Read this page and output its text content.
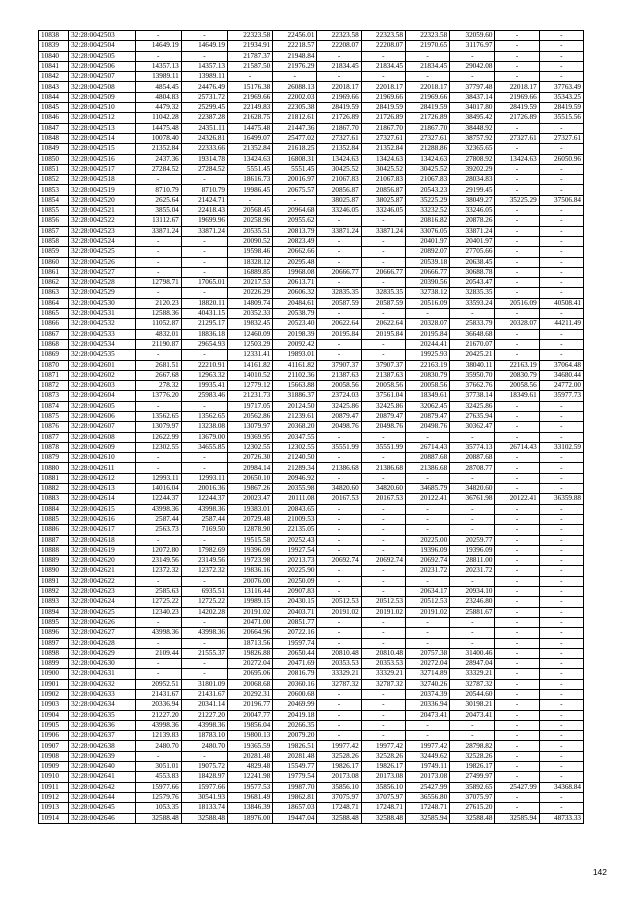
10838	32:28:0042503	-	-	22323.58	22456.01	22323.58	22323.58	22323.58	32059.60	-	-
10839	32:28:0042504	14649.19	14649.19	21934.91	22218.57	22208.07	22208.07	21970.65	31176.97	-	-
10840	32:28:0042505	-	-	21787.37	21948.84	-	-	-	-	-	-
10841	32:28:0042506	14357.13	14357.13	21587.50	21976.29	21834.45	21834.45	21834.45	29042.08	-	-
10842	32:28:0042507	13989.11	13989.11	-	-	-	-	-	-	-	-
10843	32:28:0042508	4854.45	24476.49	15176.38	26088.13	22018.17	22018.17	22018.17	37797.48	22018.17	37763.49
10844	32:28:0042509	4804.83	25731.72	21969.66	22002.03	21969.66	21969.66	21969.66	38437.14	21969.66	35343.25
10845	32:28:0042510	4479.32	25299.45	22149.83	22305.38	28419.59	28419.59	28419.59	34017.80	28419.59	28419.59
10846	32:28:0042512	11042.28	22387.28	21628.75	21812.61	21726.89	21726.89	21726.89	38495.42	21726.89	35515.56
10847	32:28:0042513	14475.48	24351.11	14475.48	21447.36	21867.70	21867.70	21867.70	38448.92	-	-
10848	32:28:0042514	10078.40	24326.81	16499.07	25477.02	27327.61	27327.61	27327.61	38757.92	27327.61	27327.61
10849	32:28:0042515	21352.84	22333.66	21352.84	21618.25	21352.84	21352.84	21288.86	32365.65	-	-
10850	32:28:0042516	2437.36	19314.78	13424.63	16808.31	13424.63	13424.63	13424.63	27808.92	13424.63	26050.96
10851	32:28:0042517	27284.52	27284.52	5551.45	5551.45	30425.52	30425.52	30425.52	39202.29	-	-
10852	32:28:0042518	-	-	18616.73	20016.97	21067.83	21067.83	21067.83	28034.83	-	-
10853	32:28:0042519	8710.79	8710.79	19986.45	20675.57	20856.87	20856.87	20543.23	29199.45	-	-
10854	32:28:0042520	2625.64	21424.71	-	-	38025.87	38025.87	35225.29	38049.27	35225.29	37506.84
10855	32:28:0042521	3855.04	22418.43	20568.45	20964.68	33246.05	33246.05	33232.52	33246.05	-	-
10856	32:28:0042522	13112.67	19699.96	20258.96	20955.62	-	-	20816.82	20878.26	-	-
10857	32:28:0042523	33871.24	33871.24	20535.51	20813.79	33871.24	33871.24	33076.05	33871.24	-	-
10858	32:28:0042524	-	-	20090.52	20823.49	-	-	20401.97	20401.97	-	-
10859	32:28:0042525	-	-	19598.46	20662.66	-	-	20892.07	27705.66	-	-
10860	32:28:0042526	-	-	18328.12	20295.48	-	-	20539.18	20638.45	-	-
10861	32:28:0042527	-	-	16889.85	19968.08	20666.77	20666.77	20666.77	30688.78	-	-
10862	32:28:0042528	12798.71	17065.01	20217.53	20613.71	-	-	20390.56	20543.47	-	-
10863	32:28:0042529	-	-	20226.29	20606.32	32835.35	32835.35	32738.12	32835.35	-	-
10864	32:28:0042530	2120.23	18820.11	14809.74	20484.61	20587.59	20587.59	20516.09	33593.24	20516.09	40508.41
10865	32:28:0042531	12588.36	40431.15	20352.33	20538.79	-	-	-	-	-	-
10866	32:28:0042532	11052.87	21295.17	19832.45	20523.40	20622.64	20622.64	20328.07	25833.79	20328.07	44211.49
10867	32:28:0042533	4832.01	18836.18	12460.09	20198.39	20195.84	20195.84	20195.84	36648.68	-	-
10868	32:28:0042534	21190.87	29654.93	12503.29	20092.42	-	-	20244.41	21670.07	-	-
10869	32:28:0042535	-	-	12331.41	19893.01	-	-	19925.93	20425.21	-	-
10870	32:28:0042601	2681.51	22210.91	14161.82	41161.82	37907.37	37907.37	22163.19	38040.11	22163.19	37064.48
10871	32:28:0042602	2667.68	12963.32	14010.52	21102.36	21387.63	21387.63	20830.79	35950.70	20830.79	34680.44
10872	32:28:0042603	278.32	19935.41	12779.12	15663.88	20058.56	20058.56	20058.56	37662.76	20058.56	24772.00
10873	32:28:0042604	13776.20	25983.46	21231.73	31886.37	23724.03	37561.04	18349.61	37738.14	18349.61	35977.73
10874	32:28:0042605	-	-	19717.05	20124.50	32425.86	32425.86	32062.45	32425.86	-	-
10875	32:28:0042606	13562.65	13562.65	20562.86	21239.61	20879.47	20879.47	20879.47	27635.94	-	-
10876	32:28:0042607	13079.97	13238.08	13079.97	20368.20	20498.76	20498.76	20498.76	30362.47	-	-
10877	32:28:0042608	12622.99	13679.00	19369.95	20347.55	-	-	-	-	-	-
10878	32:28:0042609	12302.55	34655.85	12302.55	12302.55	35551.99	35551.99	26714.43	35774.13	26714.43	33102.59
10879	32:28:0042610	-	-	20726.30	21240.50	-	-	20887.68	20887.68	-	-
10880	32:28:0042611	-	-	20984.14	21289.34	21386.68	21386.68	21386.68	28708.77	-	-
10881	32:28:0042612	12993.11	12993.11	20650.10	20946.92	-	-	-	-	-	-
10882	32:28:0042613	14016.04	20016.36	19867.26	20355.98	34820.60	34820.60	34685.79	34820.60	-	-
10883	32:28:0042614	12244.37	12244.37	20023.47	20111.08	20167.53	20167.53	20122.41	36761.98	20122.41	36359.88
10884	32:28:0042615	43998.36	43998.36	19383.01	20843.65	-	-	-	-	-	-
10885	32:28:0042616	2587.44	2587.44	20729.48	21009.53	-	-	-	-	-	-
10886	32:28:0042617	2563.73	7169.50	12878.90	22135.05	-	-	-	-	-	-
10887	32:28:0042618	-	-	19515.58	20252.43	-	-	20225.00	20259.77	-	-
10888	32:28:0042619	12072.80	17982.69	19396.09	19927.54	-	-	19396.09	19396.09	-	-
10889	32:28:0042620	23149.56	23149.56	19723.98	20213.73	20692.74	20692.74	20692.74	28811.00	-	-
10890	32:28:0042621	12372.32	12372.32	19836.16	20225.90	-	-	20231.72	20231.72	-	-
10891	32:28:0042622	-	-	20076.00	20250.09	-	-	-	-	-	-
10892	32:28:0042623	2585.63	6935.51	13116.44	20907.83	-	-	20634.17	20934.10	-	-
10893	32:28:0042624	12725.22	12725.22	19989.15	20430.15	20512.53	20512.53	20512.53	23246.80	-	-
10894	32:28:0042625	12340.23	14202.28	20191.02	20403.71	20191.02	20191.02	20191.02	25881.67	-	-
10895	32:28:0042626	-	-	20471.00	20851.77	-	-	-	-	-	-
10896	32:28:0042627	43998.36	43998.36	20664.96	20722.16	-	-	-	-	-	-
10897	32:28:0042628	-	-	18713.56	19597.74	-	-	-	-	-	-
10898	32:28:0042629	2109.44	21555.37	19826.88	20650.44	20810.48	20810.48	20757.38	31400.46	-	-
10899	32:28:0042630	-	-	20272.04	20471.69	20353.53	20353.53	20272.04	28947.04	-	-
10900	32:28:0042631	-	-	20695.06	20816.79	33329.21	33329.21	32714.89	33329.21	-	-
10901	32:28:0042632	20952.51	31801.09	20068.68	20360.16	32787.32	32787.32	32740.26	32787.32	-	-
10902	32:28:0042633	21431.67	21431.67	20292.31	20600.68	-	-	20374.39	20544.60	-	-
10903	32:28:0042634	20336.94	20341.14	20196.77	20469.99	-	-	20336.94	30198.21	-	-
10904	32:28:0042635	21227.20	21227.20	20047.77	20419.18	-	-	20473.41	20473.41	-	-
10905	32:28:0042636	43998.36	43998.36	19856.04	20266.35	-	-	-	-	-	-
10906	32:28:0042637	12139.83	18783.10	19800.13	20079.20	-	-	-	-	-	-
10907	32:28:0042638	2480.70	2480.70	19365.59	19826.51	19977.42	19977.42	19977.42	28798.82	-	-
10908	32:28:0042639	-	-	20281.48	20281.48	32528.26	32528.26	32449.62	32528.26	-	-
10909	32:28:0042640	3051.01	19075.72	4829.48	15549.77	19826.17	19826.17	19749.11	19826.17	-	-
10910	32:28:0042641	4553.83	18428.97	12241.98	19779.54	20173.08	20173.08	20173.08	27499.97	-	-
10911	32:28:0042642	15977.66	15977.66	19577.53	19987.70	35856.10	35856.10	25427.99	35892.65	25427.99	34368.84
10912	32:28:0042644	12579.76	30541.93	19681.49	19862.81	37075.97	37075.97	36556.80	37075.97	-	-
10913	32:28:0042645	1053.35	18133.74	13846.39	18657.03	17248.71	17248.71	17248.71	27615.20	-	-
10914	32:28:0042646	32588.48	32588.48	18976.00	19447.04	32588.48	32588.48	32585.94	32588.48	32585.94	48733.33
142
